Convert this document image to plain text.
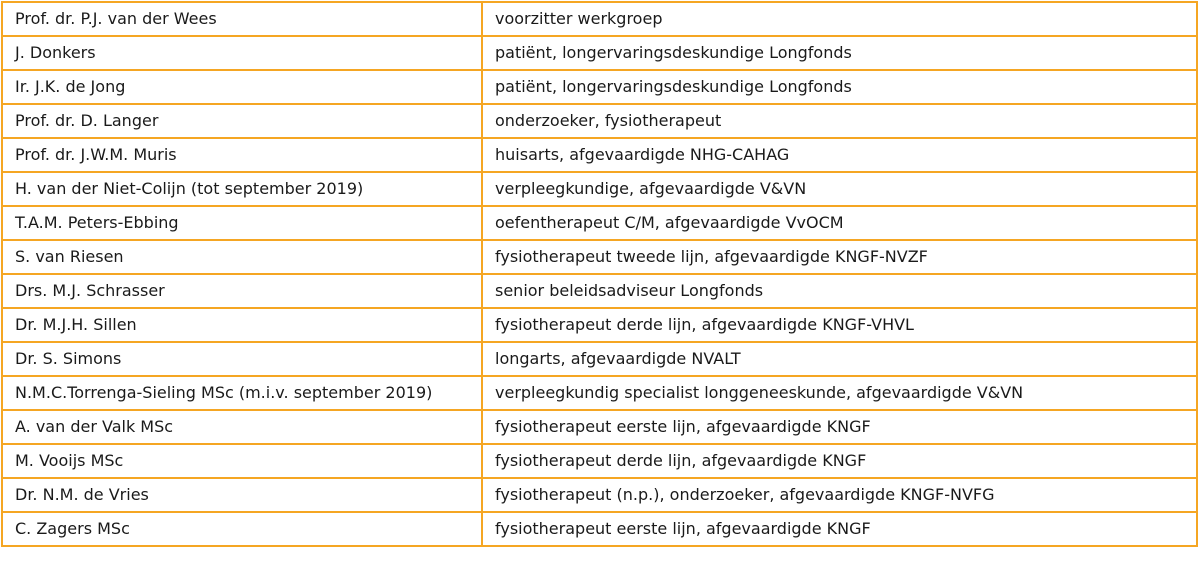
Prof. dr. P.J. van der Wees	voorzitter werkgroep
J. Donkers	patiënt, longervaringsdeskundige Longfonds
Ir. J.K. de Jong	patiënt, longervaringsdeskundige Longfonds
Prof. dr. D. Langer	onderzoeker, fysiotherapeut
Prof. dr. J.W.M. Muris	huisarts, afgevaardigde NHG-CAHAG
H. van der Niet-Colijn (tot september 2019)	verpleegkundige, afgevaardigde V&VN
T.A.M. Peters-Ebbing	oefentherapeut C/M, afgevaardigde VvOCM
S. van Riesen	fysiotherapeut tweede lijn, afgevaardigde KNGF-NVZF
Drs. M.J. Schrasser	senior beleidsadviseur Longfonds
Dr. M.J.H. Sillen	fysiotherapeut derde lijn, afgevaardigde KNGF-VHVL
Dr. S. Simons	longarts, afgevaardigde NVALT
N.M.C.Torrenga-Sieling MSc (m.i.v. september 2019)	verpleegkundig specialist longgeneeskunde, afgevaardigde V&VN
A. van der Valk MSc	fysiotherapeut eerste lijn, afgevaardigde KNGF
M. Vooijs MSc	fysiotherapeut derde lijn, afgevaardigde KNGF
Dr. N.M. de Vries	fysiotherapeut (n.p.), onderzoeker, afgevaardigde KNGF-NVFG
C. Zagers MSc	fysiotherapeut eerste lijn, afgevaardigde KNGF
